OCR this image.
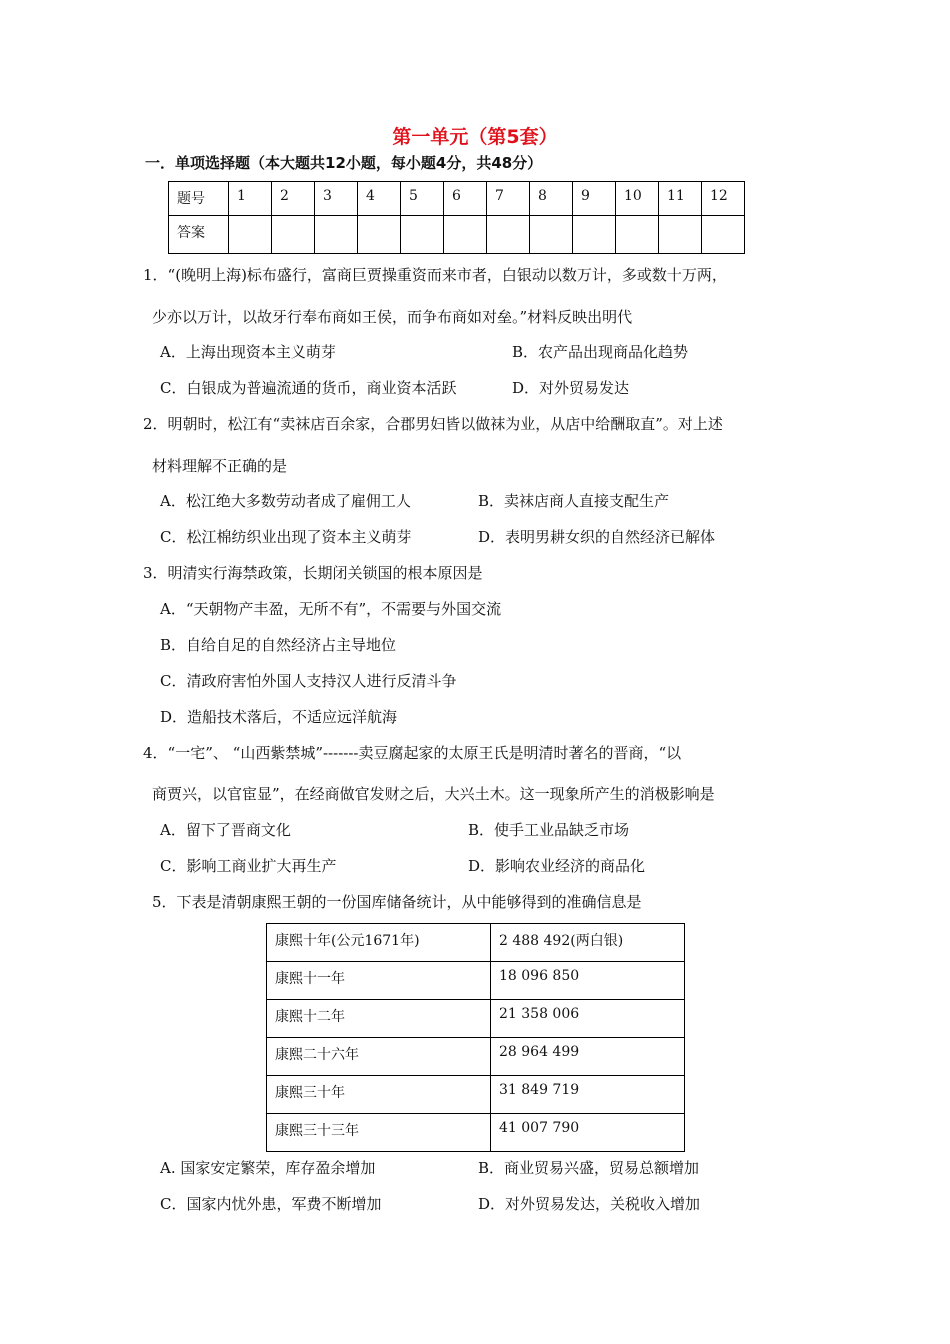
第一单元（第5套）
一．单项选择题（本大题共12小题，每小题4分，共48分）
题号	1	2	3	4	5	6	7	8	9	10	11	12
答案												
1．“(晚明上海)标布盛行，富商巨贾操重资而来市者，白银动以数万计，多或数十万两，
少亦以万计，以故牙行奉布商如王侯，而争布商如对垒。”材料反映出明代
A．上海出现资本主义萌芽	B．农产品出现商品化趋势
C．白银成为普遍流通的货币，商业资本活跃	D．对外贸易发达
2．明朝时，松江有“卖袜店百余家，合郡男妇皆以做袜为业，从店中给酬取直”。对上述
材料理解不正确的是
A．松江绝大多数劳动者成了雇佣工人	B．卖袜店商人直接支配生产
C．松江棉纺织业出现了资本主义萌芽	D．表明男耕女织的自然经济已解体
3．明清实行海禁政策，长期闭关锁国的根本原因是
A．“天朝物产丰盈，无所不有”，不需要与外国交流
B．自给自足的自然经济占主导地位
C．清政府害怕外国人支持汉人进行反清斗争
D．造船技术落后，不适应远洋航海
4．“一宅”、 “山西紫禁城”-------卖豆腐起家的太原王氏是明清时著名的晋商，“以
商贾兴，以官宦显”，在经商做官发财之后，大兴土木。这一现象所产生的消极影响是
A．留下了晋商文化	B．使手工业品缺乏市场
C．影响工商业扩大再生产	D．影响农业经济的商品化
5．下表是清朝康熙王朝的一份国库储备统计，从中能够得到的准确信息是
康熙十年(公元1671年)	2 488 492(两白银)
康熙十一年	18 096 850
康熙十二年	21 358 006
康熙二十六年	28 964 499
康熙三十年	31 849 719
康熙三十三年	41 007 790
A. 国家安定繁荣，库存盈余增加	B．商业贸易兴盛，贸易总额增加
C．国家内忧外患，军费不断增加	D．对外贸易发达，关税收入增加
